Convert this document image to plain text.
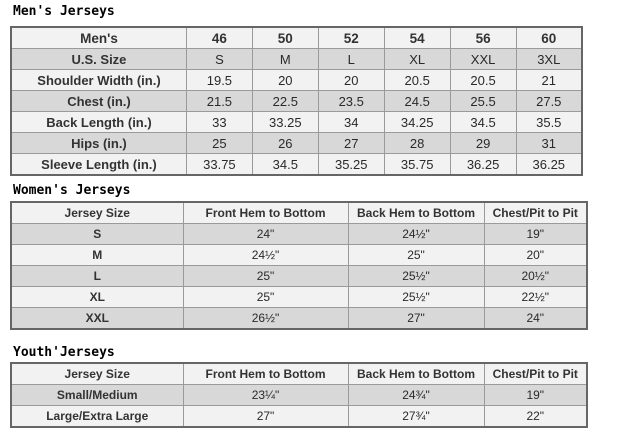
Men's Jerseys
Men's	46	50	52	54	56	60
U.S. Size	S	M	L	XL	XXL	3XL
Shoulder Width (in.)	19.5	20	20	20.5	20.5	21
Chest (in.)	21.5	22.5	23.5	24.5	25.5	27.5
Back Length (in.)	33	33.25	34	34.25	34.5	35.5
Hips (in.)	25	26	27	28	29	31
Sleeve Length (in.)	33.75	34.5	35.25	35.75	36.25	36.25
Women's Jerseys
Jersey Size	Front Hem to Bottom	Back Hem to Bottom	Chest/Pit to Pit
S	24"	24½"	19"
M	24½"	25"	20"
L	25"	25½"	20½"
XL	25"	25½"	22½"
XXL	26½"	27"	24"
Youth'Jerseys
Jersey Size	Front Hem to Bottom	Back Hem to Bottom	Chest/Pit to Pit
Small/Medium	23¼"	24¾"	19"
Large/Extra Large	27"	27¾"	22"
